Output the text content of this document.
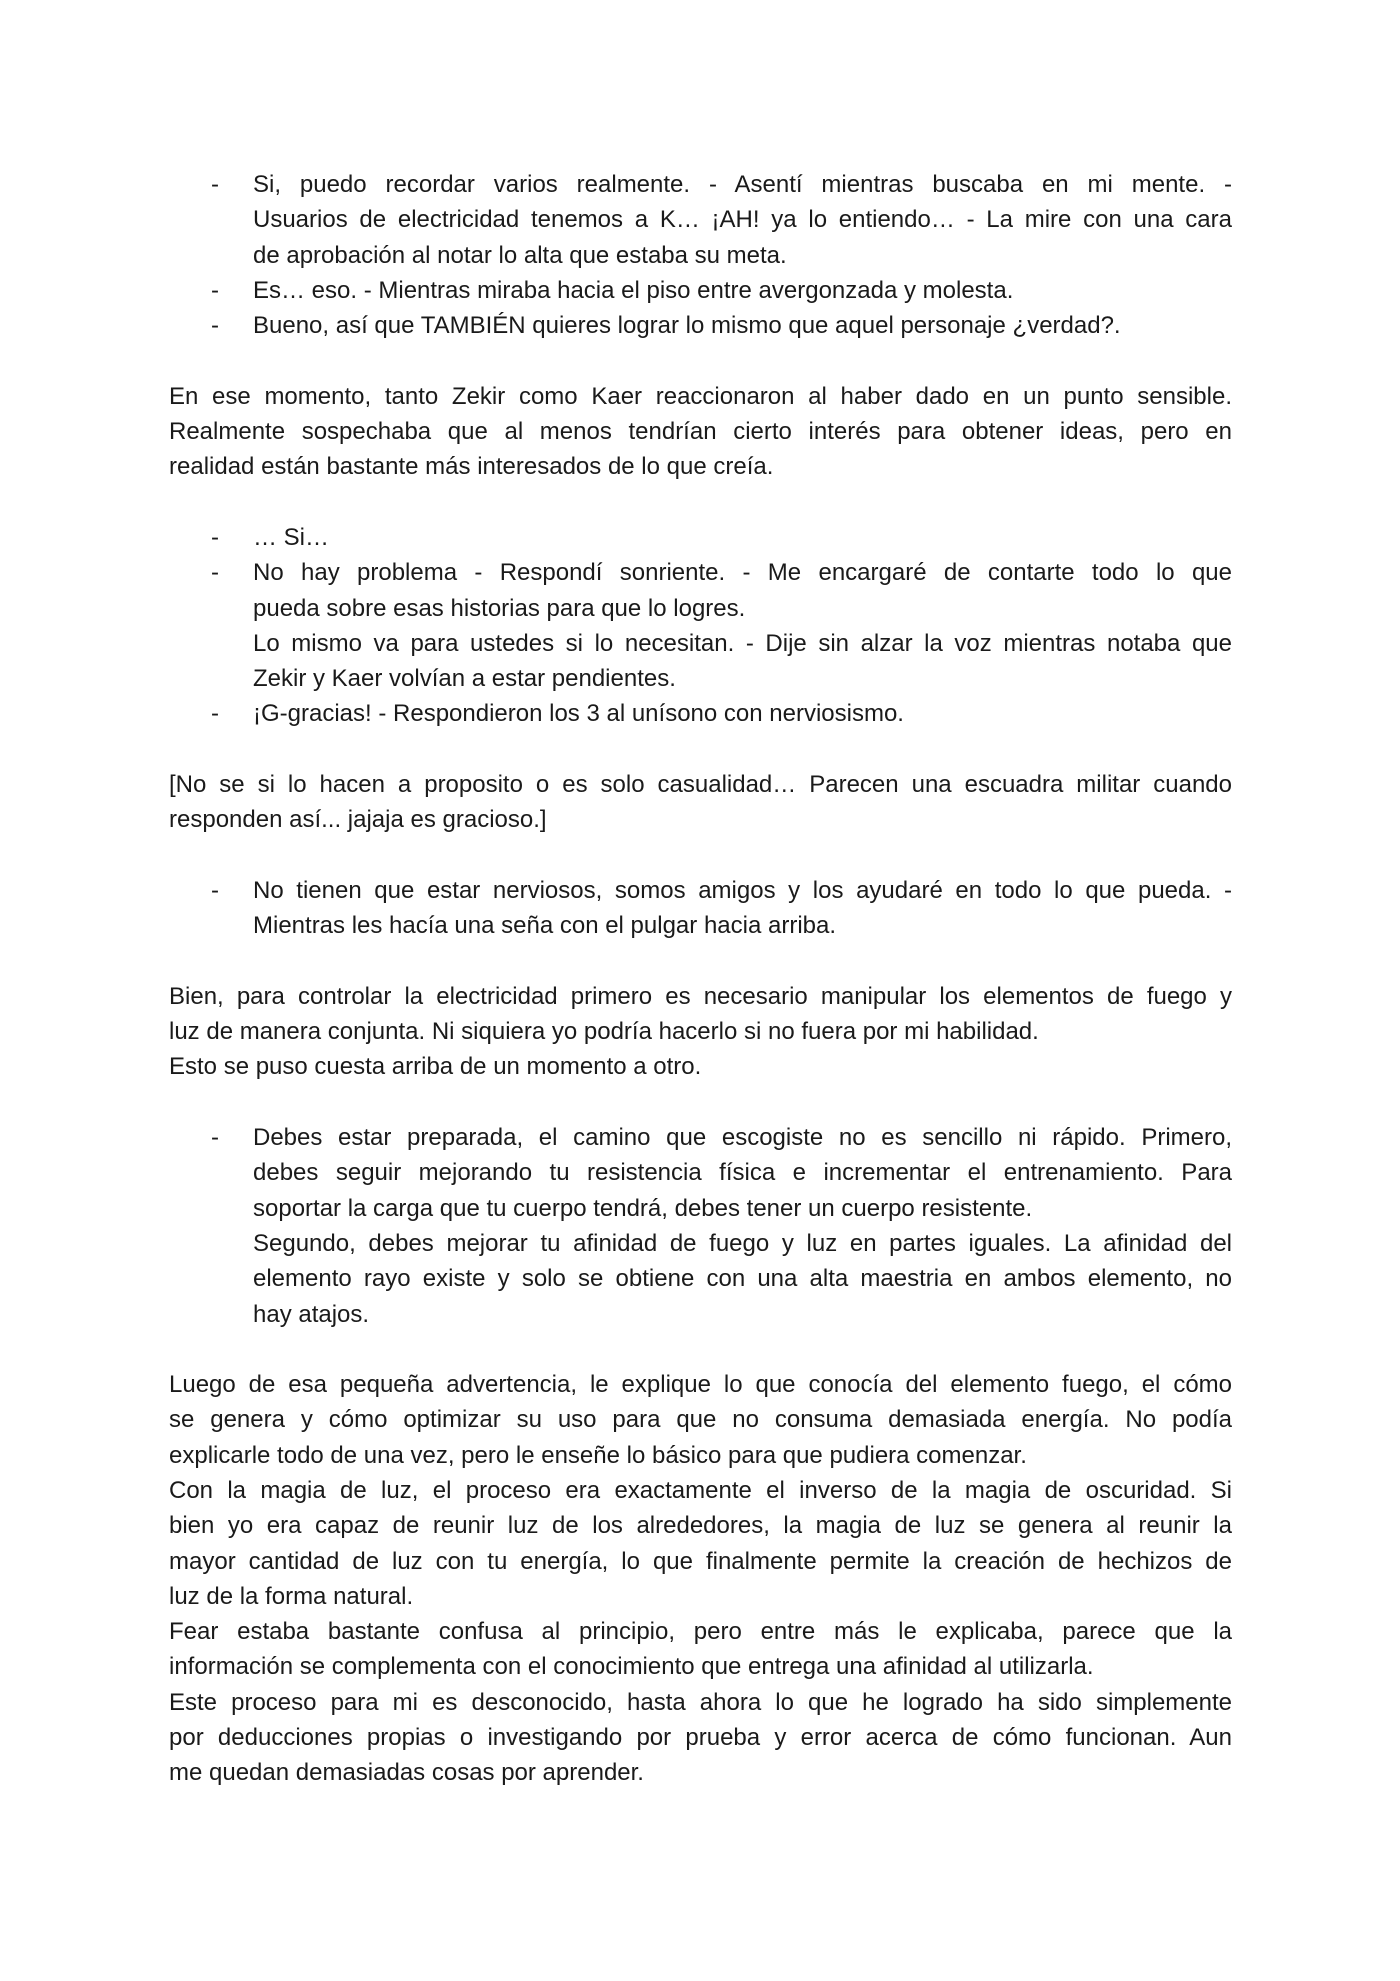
- Si, puedo recordar varios realmente. - Asentí mientras buscaba en mi mente. -
Usuarios de electricidad tenemos a K… ¡AH! ya lo entiendo… - La mire con una cara
de aprobación al notar lo alta que estaba su meta.
- Es… eso. - Mientras miraba hacia el piso entre avergonzada y molesta.
- Bueno, así que TAMBIÉN quieres lograr lo mismo que aquel personaje ¿verdad?.
En ese momento, tanto Zekir como Kaer reaccionaron al haber dado en un punto sensible.
Realmente sospechaba que al menos tendrían cierto interés para obtener ideas, pero en
realidad están bastante más interesados de lo que creía.
- … Si…
- No hay problema - Respondí sonriente. - Me encargaré de contarte todo lo que
pueda sobre esas historias para que lo logres.
Lo mismo va para ustedes si lo necesitan. - Dije sin alzar la voz mientras notaba que
Zekir y Kaer volvían a estar pendientes.
- ¡G-gracias! - Respondieron los 3 al unísono con nerviosismo.
[No se si lo hacen a proposito o es solo casualidad… Parecen una escuadra militar cuando
responden así... jajaja es gracioso.]
- No tienen que estar nerviosos, somos amigos y los ayudaré en todo lo que pueda. -
Mientras les hacía una seña con el pulgar hacia arriba.
Bien, para controlar la electricidad primero es necesario manipular los elementos de fuego y
luz de manera conjunta. Ni siquiera yo podría hacerlo si no fuera por mi habilidad.
Esto se puso cuesta arriba de un momento a otro.
- Debes estar preparada, el camino que escogiste no es sencillo ni rápido. Primero,
debes seguir mejorando tu resistencia física e incrementar el entrenamiento. Para
soportar la carga que tu cuerpo tendrá, debes tener un cuerpo resistente.
Segundo, debes mejorar tu afinidad de fuego y luz en partes iguales. La afinidad del
elemento rayo existe y solo se obtiene con una alta maestria en ambos elemento, no
hay atajos.
Luego de esa pequeña advertencia, le explique lo que conocía del elemento fuego, el cómo
se genera y cómo optimizar su uso para que no consuma demasiada energía. No podía
explicarle todo de una vez, pero le enseñe lo básico para que pudiera comenzar.
Con la magia de luz, el proceso era exactamente el inverso de la magia de oscuridad. Si
bien yo era capaz de reunir luz de los alrededores, la magia de luz se genera al reunir la
mayor cantidad de luz con tu energía, lo que finalmente permite la creación de hechizos de
luz de la forma natural.
Fear estaba bastante confusa al principio, pero entre más le explicaba, parece que la
información se complementa con el conocimiento que entrega una afinidad al utilizarla.
Este proceso para mi es desconocido, hasta ahora lo que he logrado ha sido simplemente
por deducciones propias o investigando por prueba y error acerca de cómo funcionan. Aun
me quedan demasiadas cosas por aprender.
